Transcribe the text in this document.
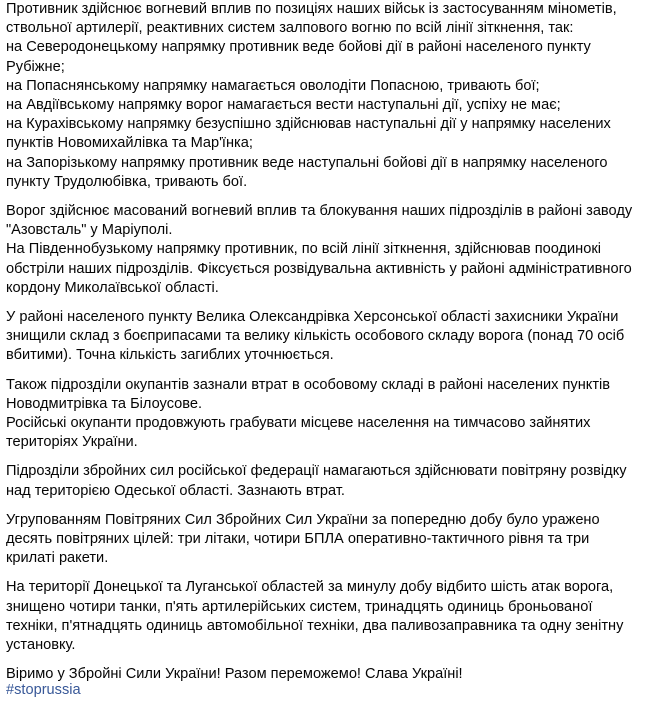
Противник здійснює вогневий вплив по позиціях наших військ із застосуванням мінометів,
ствольної артилерії, реактивних систем залпового вогню по всій лінії зіткнення, так:
на Северодонецькому напрямку противник веде бойові дії в районі населеного пункту
Рубіжне;
на Попаснянському напрямку намагається оволодіти Попасною, тривають бої;
на Авдіївському напрямку ворог намагається вести наступальні дії, успіху не має;
на Курахівському напрямку безуспішно здійснював наступальні дії у напрямку населених
пунктів Новомихайлівка та Мар'їнка;
на Запорізькому напрямку противник веде наступальні бойові дії в напрямку населеного
пункту Трудолюбівка, тривають бої.
Ворог здійснює масований вогневий вплив та блокування наших підрозділів в районі заводу
"Азовсталь" у Маріуполі.
На Південнобузькому напрямку противник, по всій лінії зіткнення, здійснював поодинокі
обстріли наших підрозділів. Фіксується розвідувальна активність у районі адміністративного
кордону Миколаївської області.
У районі населеного пункту Велика Олександрівка Херсонської області захисники України
знищили склад з боєприпасами та велику кількість особового складу ворога (понад 70 осіб
вбитими). Точна кількість загиблих уточнюється.
Також підрозділи окупантів зазнали втрат в особовому складі в районі населених пунктів
Новодмитрівка та Білоусове.
Російські окупанти продовжують грабувати місцеве населення на тимчасово зайнятих
територіях України.
Підрозділи збройних сил російської федерації намагаються здійснювати повітряну розвідку
над територією Одеської області. Зазнають втрат.
Угрупованням Повітряних Сил Збройних Сил України за попередню добу було уражено
десять повітряних цілей: три літаки, чотири БПЛА оперативно-тактичного рівня та три
крилаті ракети.
На території Донецької та Луганської областей за минулу добу відбито шість атак ворога,
знищено чотири танки, п'ять артилерійських систем, тринадцять одиниць броньованої
техніки, п'ятнадцять одиниць автомобільної техніки, два паливозаправника та одну зенітну
установку.
Віримо у Збройні Сили України! Разом переможемо! Слава Україні!
#stoprussia
